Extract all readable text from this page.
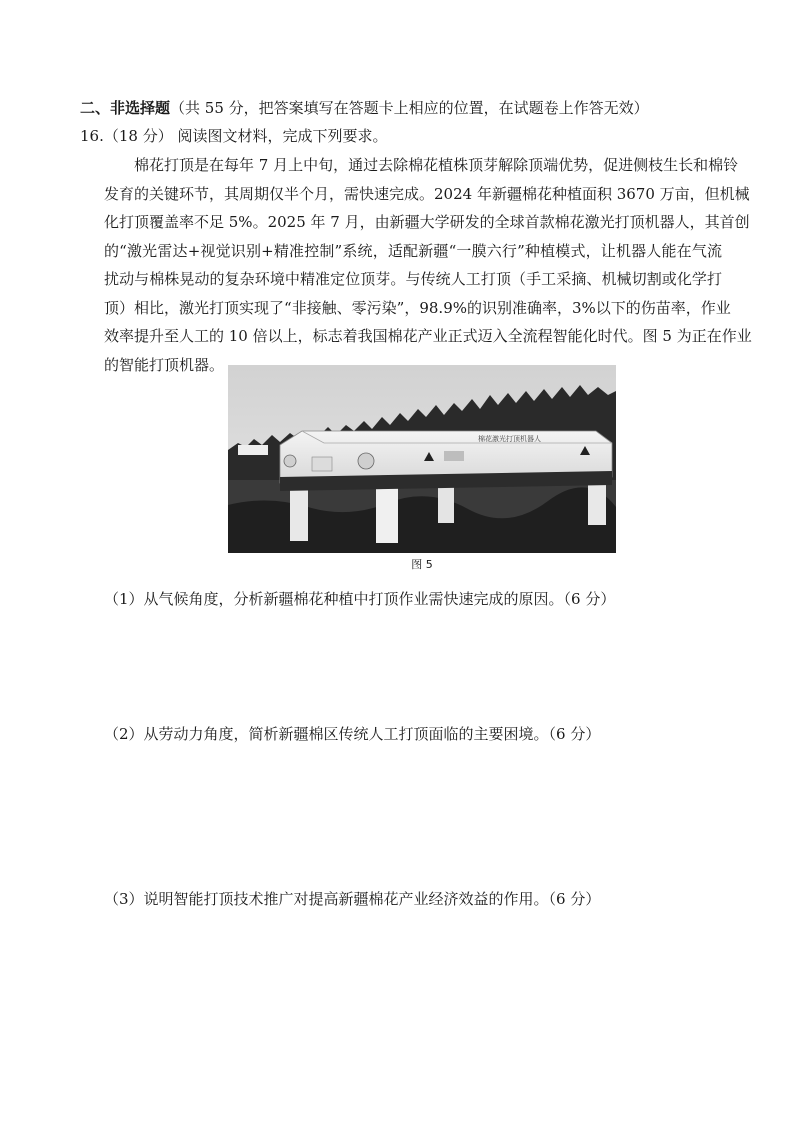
二、非选择题（共 55 分，把答案填写在答题卡上相应的位置，在试题卷上作答无效）
16.（18 分） 阅读图文材料，完成下列要求。
棉花打顶是在每年 7 月上中旬，通过去除棉花植株顶芽解除顶端优势，促进侧枝生长和棉铃
发育的关键环节，其周期仅半个月，需快速完成。2024 年新疆棉花种植面积 3670 万亩，但机械
化打顶覆盖率不足 5%。2025 年 7 月，由新疆大学研发的全球首款棉花激光打顶机器人，其首创
的“激光雷达+视觉识别+精准控制”系统，适配新疆“一膜六行”种植模式，让机器人能在气流
扰动与棉株晃动的复杂环境中精准定位顶芽。与传统人工打顶（手工采摘、机械切割或化学打
顶）相比，激光打顶实现了“非接触、零污染”，98.9%的识别准确率，3%以下的伤苗率，作业
效率提升至人工的 10 倍以上，标志着我国棉花产业正式迈入全流程智能化时代。图 5 为正在作业
的智能打顶机器。
棉花激光打顶机器人
图 5
（1）从气候角度，分析新疆棉花种植中打顶作业需快速完成的原因。（6 分）
（2）从劳动力角度，简析新疆棉区传统人工打顶面临的主要困境。（6 分）
（3）说明智能打顶技术推广对提高新疆棉花产业经济效益的作用。（6 分）
